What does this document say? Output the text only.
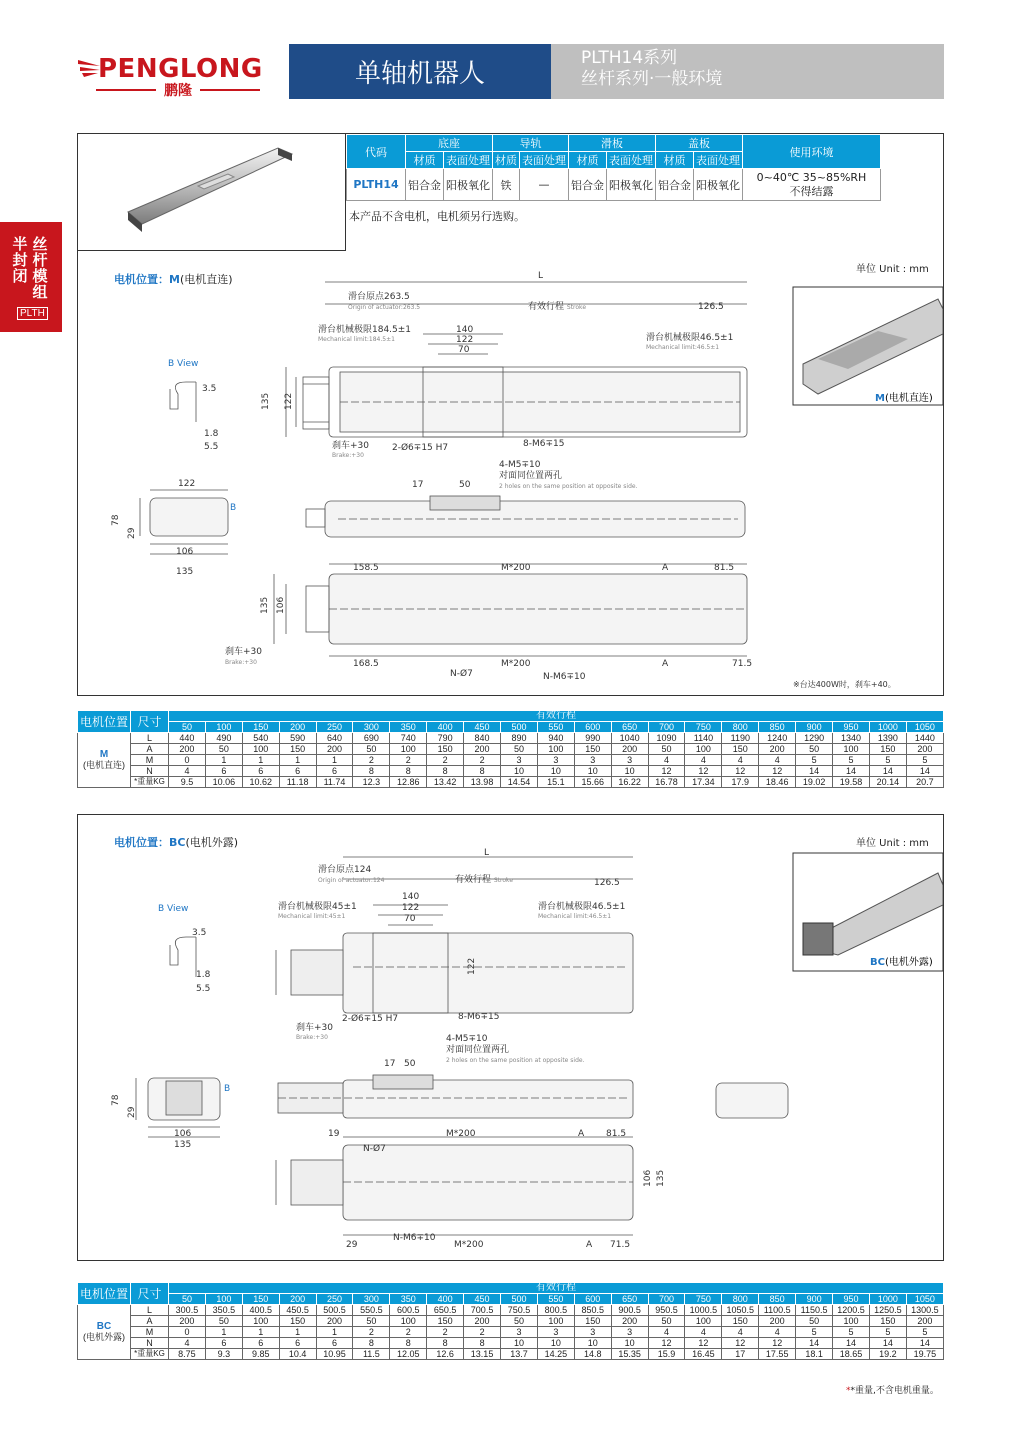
PENGLONG
鹏隆
单轴机器人
PLTH14系列
丝杆系列·一般环境
丝杆模组
半封闭
PLTH
代码	底座		导轨		滑板		盖板		使用环境
	材质	表面处理	材质	表面处理	材质	表面处理	材质	表面处理	
PLTH14	铝合金	阳极氧化	铁	—	铝合金	阳极氧化	铝合金	阳极氧化	0~40℃ 35~85%RH
不得结露
本产品不含电机，电机须另行选购。
电机位置：M(电机直连)
单位 Unit : mm
L
滑台原点263.5
Origin of actuator:263.5	有效行程 Stroke	126.5
滑台机械极限184.5±1
Mechanical limit:184.5±1	滑台机械极限46.5±1
Mechanical limit:46.5±1
140
122
70
135 122
刹车+30
Brake:+30
2-Ø6∓15 H7	8-M6∓15
4-M5∓10
对面同位置两孔
2 holes on the same position at opposite side.
17	50
B View
3.5
1.8
5.5
122
78
29
106
135
B
158.5	M*200	A	81.5
168.5
N-Ø7
M*200
N-M6∓10
A	71.5
135 106
刹车+30
Brake:+30
※台达400W时，刹车+40。
M(电机直连)
电机位置	尺寸	有效行程																				
		50	100	150	200	250	300	350	400	450	500	550	600	650	700	750	800	850	900	950	1000	1050

M
(电机直连)	L	440	490	540	590	640	690	740	790	840	890	940	990	1040	1090	1140	1190	1240	1290	1340	1390	1440
	A	200	50	100	150	200	50	100	150	200	50	100	150	200	50	100	150	200	50	100	150	200
	M	0	1	1	1	1	2	2	2	2	3	3	3	3	4	4	4	4	5	5	5	5
	N	4	6	6	6	6	8	8	8	8	10	10	10	10	12	12	12	12	14	14	14	14
	*重量KG	9.5	10.06	10.62	11.18	11.74	12.3	12.86	13.42	13.98	14.54	15.1	15.66	16.22	16.78	17.34	17.9	18.46	19.02	19.58	20.14	20.7
电机位置：BC(电机外露)	单位 Unit : mm
L
滑台原点124
Origin of actuator:124	有效行程 Stroke	126.5
滑台机械极限45±1
Mechanical limit:45±1
滑台机械极限46.5±1
Mechanical limit:46.5±1
140
122
70
122
刹车+30
Brake:+30
2-Ø6∓15 H7	8-M6∓15
4-M5∓10
对面同位置两孔
2 holes on the same position at opposite side.
17 50
B View
3.5
1.8
5.5
78
29
106
135
B
19
N-Ø7
M*200	A 81.5
29
N-M6∓10
M*200	A 71.5
106 135
BC(电机外露)
电机位置	尺寸	有效行程																				
		50	100	150	200	250	300	350	400	450	500	550	600	650	700	750	800	850	900	950	1000	1050

BC
(电机外露)	L	300.5	350.5	400.5	450.5	500.5	550.5	600.5	650.5	700.5	750.5	800.5	850.5	900.5	950.5	1000.5	1050.5	1100.5	1150.5	1200.5	1250.5	1300.5
	A	200	50	100	150	200	50	100	150	200	50	100	150	200	50	100	150	200	50	100	150	200
	M	0	1	1	1	1	2	2	2	2	3	3	3	3	4	4	4	4	5	5	5	5
	N	4	6	6	6	6	8	8	8	8	10	10	10	10	12	12	12	12	14	14	14	14
	*重量KG	8.75	9.3	9.85	10.4	10.95	11.5	12.05	12.6	13.15	13.7	14.25	14.8	15.35	15.9	16.45	17	17.55	18.1	18.65	19.2	19.75
**重量,不含电机重量。
